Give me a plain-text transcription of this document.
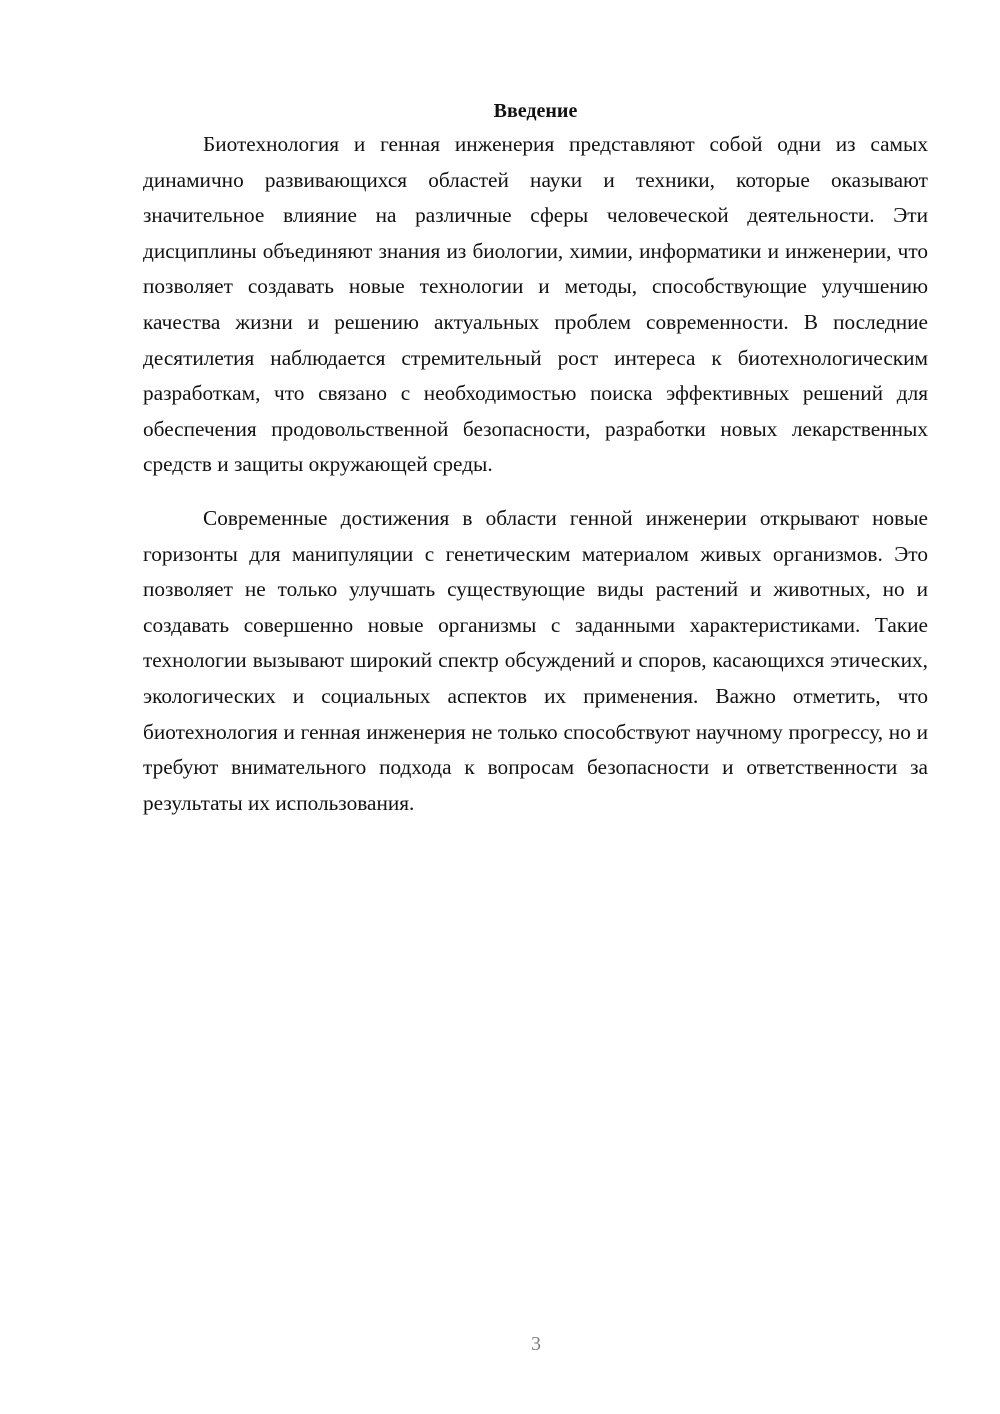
Введение

Биотехнология и генная инженерия представляют собой одни из самых динамично развивающихся областей науки и техники, которые оказывают значительное влияние на различные сферы человеческой деятельности. Эти дисциплины объединяют знания из биологии, химии, информатики и инженерии, что позволяет создавать новые технологии и методы, способствующие улучшению качества жизни и решению актуальных проблем современности. В последние десятилетия наблюдается стремительный рост интереса к биотехнологическим разработкам, что связано с необходимостью поиска эффективных решений для обеспечения продовольственной безопасности, разработки новых лекарственных средств и защиты окружающей среды.

Современные достижения в области генной инженерии открывают новые горизонты для манипуляции с генетическим материалом живых организмов. Это позволяет не только улучшать существующие виды растений и животных, но и создавать совершенно новые организмы с заданными характеристиками. Такие технологии вызывают широкий спектр обсуждений и споров, касающихся этических, экологических и социальных аспектов их применения. Важно отметить, что биотехнология и генная инженерия не только способствуют научному прогрессу, но и требуют внимательного подхода к вопросам безопасности и ответственности за результаты их использования.

3
